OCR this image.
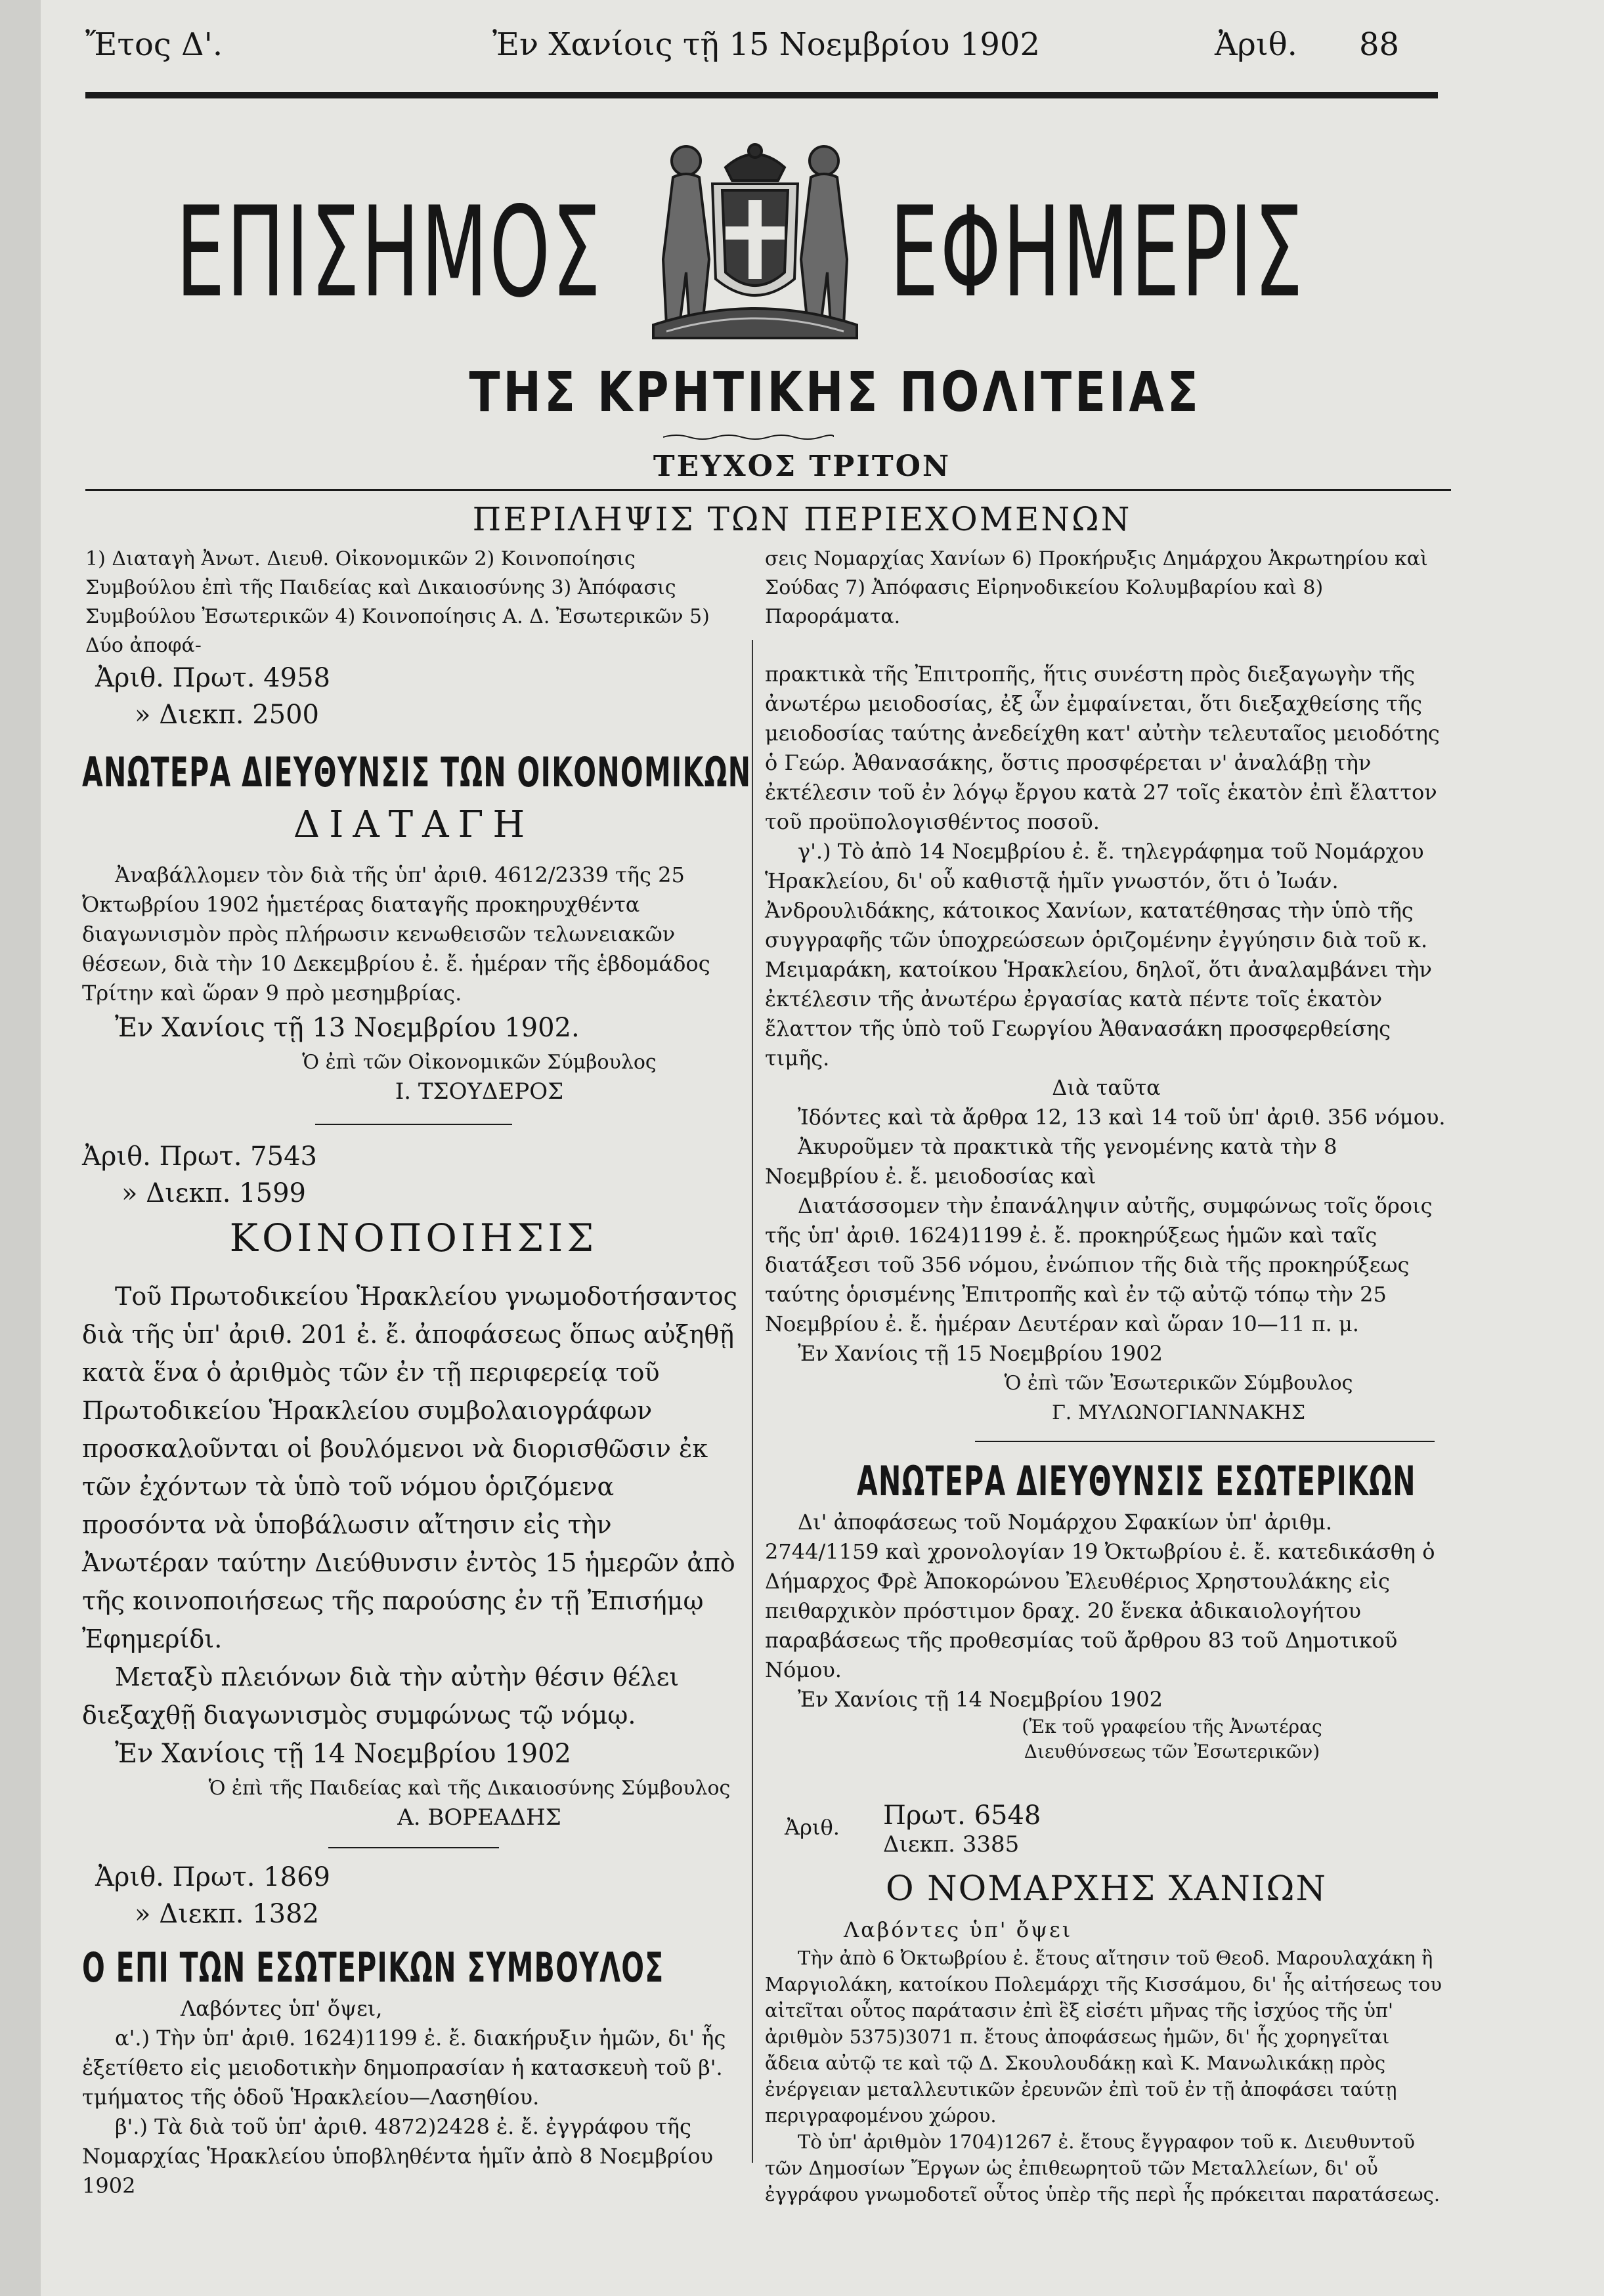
Ἔτος Δ'.	Ἐν Χανίοις τῇ 15 Νοεμβρίου 1902	Ἀριθ. 88
ΕΠΙΣΗΜΟΣ ΕΦΗΜΕΡΙΣ
ΤΗΣ ΚΡΗΤΙΚΗΣ ΠΟΛΙΤΕΙΑΣ
ΤΕΥΧΟΣ ΤΡΙΤΟΝ
ΠΕΡΙΛΗΨΙΣ ΤΩΝ ΠΕΡΙΕΧΟΜΕΝΩΝ
1) Διαταγὴ Ἀνωτ. Διευθ. Οἰκονομικῶν 2) Κοινοποίησις Συμβούλου ἐπὶ τῆς Παιδείας καὶ Δικαιοσύνης 3) Ἀπόφασις Συμβούλου Ἐσωτερικῶν 4) Κοινοποίησις Α. Δ. Ἐσωτερικῶν 5) Δύο ἀποφά-
σεις Νομαρχίας Χανίων 6) Προκήρυξις Δημάρχου Ἀκρωτηρίου καὶ Σούδας 7) Ἀπόφασις Εἰρηνοδικείου Κολυμβαρίου καὶ 8) Παροράματα.
Ἀριθ. Πρωτ. 4958
» Διεκπ. 2500
ΑΝΩΤΕΡΑ ΔΙΕΥΘΥΝΣΙΣ ΤΩΝ ΟΙΚΟΝΟΜΙΚΩΝ
ΔΙΑΤΑΓΗ

Ἀναβάλλομεν τὸν διὰ τῆς ὑπ' ἀριθ. 4612/2339 τῆς 25 Ὀκτωβρίου 1902 ἡμετέρας διαταγῆς προκηρυχθέντα διαγωνισμὸν πρὸς πλήρωσιν κενωθεισῶν τελωνειακῶν θέσεων, διὰ τὴν 10 Δεκεμβρίου ἐ. ἔ. ἡμέραν τῆς ἑβδομάδος Τρίτην καὶ ὥραν 9 πρὸ μεσημβρίας.

Ἐν Χανίοις τῇ 13 Νοεμβρίου 1902.

Ὁ ἐπὶ τῶν Οἰκονομικῶν Σύμβουλος
Ι. ΤΣΟΥΔΕΡΟΣ
Ἀριθ. Πρωτ. 7543
» Διεκπ. 1599
ΚΟΙΝΟΠΟΙΗΣΙΣ

Τοῦ Πρωτοδικείου Ἡρακλείου γνωμοδοτήσαντος διὰ τῆς ὑπ' ἀριθ. 201 ἐ. ἔ. ἀποφάσεως ὅπως αὐξηθῇ κατὰ ἕνα ὁ ἀριθμὸς τῶν ἐν τῇ περιφερείᾳ τοῦ Πρωτοδικείου Ἡρακλείου συμβολαιογράφων προσκαλοῦνται οἱ βουλόμενοι νὰ διορισθῶσιν ἐκ τῶν ἐχόντων τὰ ὑπὸ τοῦ νόμου ὁριζόμενα προσόντα νὰ ὑποβάλωσιν αἴτησιν εἰς τὴν Ἀνωτέραν ταύτην Διεύθυνσιν ἐντὸς 15 ἡμερῶν ἀπὸ τῆς κοινοποιήσεως τῆς παρούσης ἐν τῇ Ἐπισήμῳ Ἐφημερίδι.

Μεταξὺ πλειόνων διὰ τὴν αὐτὴν θέσιν θέλει διεξαχθῇ διαγωνισμὸς συμφώνως τῷ νόμῳ.

Ἐν Χανίοις τῇ 14 Νοεμβρίου 1902

Ὁ ἐπὶ τῆς Παιδείας καὶ τῆς Δικαιοσύνης Σύμβουλος
Α. ΒΟΡΕΑΔΗΣ
Ἀριθ. Πρωτ. 1869
» Διεκπ. 1382
Ο ΕΠΙ ΤΩΝ ΕΣΩΤΕΡΙΚΩΝ ΣΥΜΒΟΥΛΟΣ
Λαβόντες ὑπ' ὄψει,

α'.) Τὴν ὑπ' ἀριθ. 1624)1199 ἐ. ἔ. διακήρυξιν ἡμῶν, δι' ἧς ἐξετίθετο εἰς μειοδοτικὴν δημοπρασίαν ἡ κατασκευὴ τοῦ β'. τμήματος τῆς ὁδοῦ Ἡρακλείου—Λασηθίου.

β'.) Τὰ διὰ τοῦ ὑπ' ἀριθ. 4872)2428 ἐ. ἔ. ἐγγράφου τῆς Νομαρχίας Ἡρακλείου ὑποβληθέντα ἡμῖν ἀπὸ 8 Νοεμβρίου 1902

πρακτικὰ τῆς Ἐπιτροπῆς, ἥτις συνέστη πρὸς διεξαγωγὴν τῆς ἀνωτέρω μειοδοσίας, ἐξ ὧν ἐμφαίνεται, ὅτι διεξαχθείσης τῆς μειοδοσίας ταύτης ἀνεδείχθη κατ' αὐτὴν τελευταῖος μειοδότης ὁ Γεώρ. Ἀθανασάκης, ὅστις προσφέρεται ν' ἀναλάβῃ τὴν ἐκτέλεσιν τοῦ ἐν λόγῳ ἔργου κατὰ 27 τοῖς ἑκατὸν ἐπὶ ἔλαττον τοῦ προϋπολογισθέντος ποσοῦ.

γ'.) Τὸ ἀπὸ 14 Νοεμβρίου ἐ. ἔ. τηλεγράφημα τοῦ Νομάρχου Ἡρακλείου, δι' οὗ καθιστᾷ ἡμῖν γνωστόν, ὅτι ὁ Ἰωάν. Ἀνδρουλιδάκης, κάτοικος Χανίων, κατατέθησας τὴν ὑπὸ τῆς συγγραφῆς τῶν ὑποχρεώσεων ὁριζομένην ἐγγύησιν διὰ τοῦ κ. Μειμαράκη, κατοίκου Ἡρακλείου, δηλοῖ, ὅτι ἀναλαμβάνει τὴν ἐκτέλεσιν τῆς ἀνωτέρω ἐργασίας κατὰ πέντε τοῖς ἑκατὸν ἔλαττον τῆς ὑπὸ τοῦ Γεωργίου Ἀθανασάκη προσφερθείσης τιμῆς.

Διὰ ταῦτα

Ἰδόντες καὶ τὰ ἄρθρα 12, 13 καὶ 14 τοῦ ὑπ' ἀριθ. 356 νόμου.

Ἀκυροῦμεν τὰ πρακτικὰ τῆς γενομένης κατὰ τὴν 8 Νοεμβρίου ἐ. ἔ. μειοδοσίας καὶ

Διατάσσομεν τὴν ἐπανάληψιν αὐτῆς, συμφώνως τοῖς ὅροις τῆς ὑπ' ἀριθ. 1624)1199 ἐ. ἔ. προκηρύξεως ἡμῶν καὶ ταῖς διατάξεσι τοῦ 356 νόμου, ἐνώπιον τῆς διὰ τῆς προκηρύξεως ταύτης ὁρισμένης Ἐπιτροπῆς καὶ ἐν τῷ αὐτῷ τόπῳ τὴν 25 Νοεμβρίου ἐ. ἔ. ἡμέραν Δευτέραν καὶ ὥραν 10—11 π. μ.

Ἐν Χανίοις τῇ 15 Νοεμβρίου 1902

Ὁ ἐπὶ τῶν Ἐσωτερικῶν Σύμβουλος
Γ. ΜΥΛΩΝΟΓΙΑΝΝΑΚΗΣ
ΑΝΩΤΕΡΑ ΔΙΕΥΘΥΝΣΙΣ ΕΣΩΤΕΡΙΚΩΝ

Δι' ἀποφάσεως τοῦ Νομάρχου Σφακίων ὑπ' ἀριθμ. 2744/1159 καὶ χρονολογίαν 19 Ὀκτωβρίου ἐ. ἔ. κατεδικάσθη ὁ Δήμαρχος Φρὲ Ἀποκορώνου Ἐλευθέριος Χρηστουλάκης εἰς πειθαρχικὸν πρόστιμον δραχ. 20 ἕνεκα ἀδικαιολογήτου παραβάσεως τῆς προθεσμίας τοῦ ἄρθρου 83 τοῦ Δημοτικοῦ Νόμου.

Ἐν Χανίοις τῇ 14 Νοεμβρίου 1902

(Ἐκ τοῦ γραφείου τῆς Ἀνωτέρας Διευθύνσεως τῶν Ἐσωτερικῶν)
Ἀριθ. Πρωτ. 6548
Διεκπ. 3385
Ο ΝΟΜΑΡΧΗΣ ΧΑΝΙΩΝ
Λαβόντες ὑπ' ὄψει

Τὴν ἀπὸ 6 Ὀκτωβρίου ἐ. ἔτους αἴτησιν τοῦ Θεοδ. Μαρουλαχάκη ἢ Μαργιολάκη, κατοίκου Πολεμάρχι τῆς Κισσάμου, δι' ἧς αἰτήσεως του αἰτεῖται οὗτος παράτασιν ἐπὶ ἓξ εἰσέτι μῆνας τῆς ἰσχύος τῆς ὑπ' ἀριθμὸν 5375)3071 π. ἔτους ἀποφάσεως ἡμῶν, δι' ἧς χορηγεῖται ἄδεια αὐτῷ τε καὶ τῷ Δ. Σκουλουδάκῃ καὶ Κ. Μανωλικάκῃ πρὸς ἐνέργειαν μεταλλευτικῶν ἐρευνῶν ἐπὶ τοῦ ἐν τῇ ἀποφάσει ταύτῃ περιγραφομένου χώρου.

Τὸ ὑπ' ἀριθμὸν 1704)1267 ἐ. ἔτους ἔγγραφον τοῦ κ. Διευθυντοῦ τῶν Δημοσίων Ἔργων ὡς ἐπιθεωρητοῦ τῶν Μεταλλείων, δι' οὗ ἐγγράφου γνωμοδοτεῖ οὗτος ὑπὲρ τῆς περὶ ἧς πρόκειται παρατάσεως.
